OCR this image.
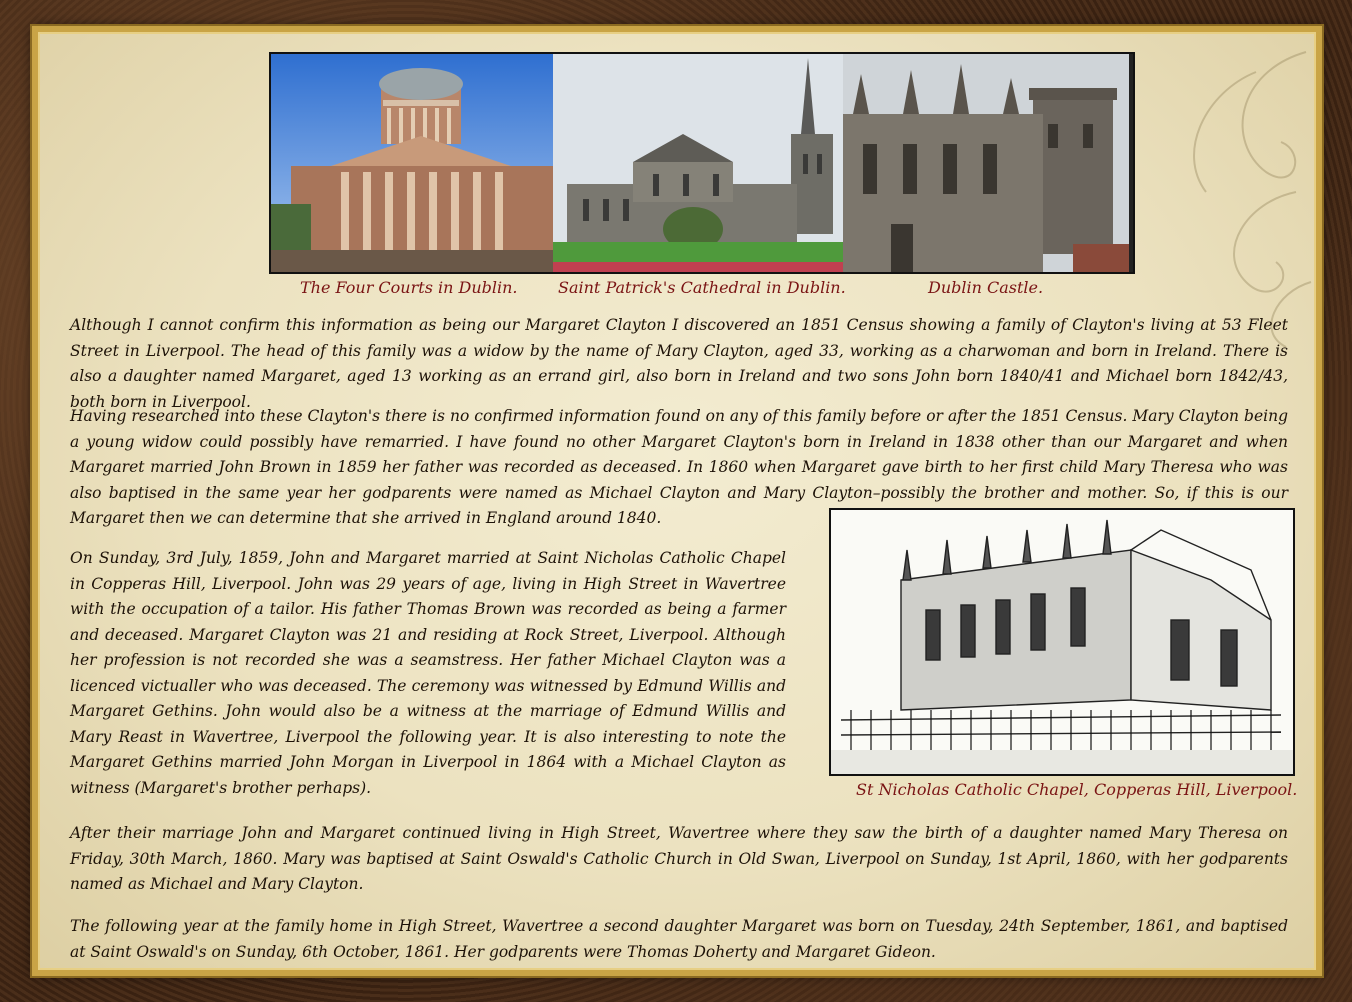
The Four Courts in Dublin.	Saint Patrick's Cathedral in Dublin.	Dublin Castle.

Although I cannot confirm this information as being our Margaret Clayton I discovered an 1851 Census showing a family of Clayton's living at 53 Fleet Street in Liverpool. The head of this family was a widow by the name of Mary Clayton, aged 33, working as a charwoman and born in Ireland. There is also a daughter named Margaret, aged 13 working as an errand girl, also born in Ireland and two sons John born 1840/41 and Michael born 1842/43, both born in Liverpool.

Having researched into these Clayton's there is no confirmed information found on any of this family before or after the 1851 Census. Mary Clayton being a young widow could possibly have remarried. I have found no other Margaret Clayton's born in Ireland in 1838 other than our Margaret and when Margaret married John Brown in 1859 her father was recorded as deceased. In 1860 when Margaret gave birth to her first child Mary Theresa who was also baptised in the same year her godparents were named as Michael Clayton and Mary Clayton–possibly the brother and mother. So, if this is our Margaret then we can determine that she arrived in England around 1840.

On Sunday, 3rd July, 1859, John and Margaret married at Saint Nicholas Catholic Chapel in Copperas Hill, Liverpool. John was 29 years of age, living in High Street in Wavertree with the occupation of a tailor. His father Thomas Brown was recorded as being a farmer and deceased. Margaret Clayton was 21 and residing at Rock Street, Liverpool. Although her profession is not recorded she was a seamstress. Her father Michael Clayton was a licenced victualler who was deceased. The ceremony was witnessed by Edmund Willis and Margaret Gethins. John would also be a witness at the marriage of Edmund Willis and Mary Reast in Wavertree, Liverpool the following year. It is also interesting to note the Margaret Gethins married John Morgan in Liverpool in 1864 with a Michael Clayton as witness (Margaret's brother perhaps).	St Nicholas Catholic Chapel, Copperas Hill, Liverpool.

After their marriage John and Margaret continued living in High Street, Wavertree where they saw the birth of a daughter named Mary Theresa on Friday, 30th March, 1860. Mary was baptised at Saint Oswald's Catholic Church in Old Swan, Liverpool on Sunday, 1st April, 1860, with her godparents named as Michael and Mary Clayton.

The following year at the family home in High Street, Wavertree a second daughter Margaret was born on Tuesday, 24th September, 1861, and baptised at Saint Oswald's on Sunday, 6th October, 1861. Her godparents were Thomas Doherty and Margaret Gideon.
